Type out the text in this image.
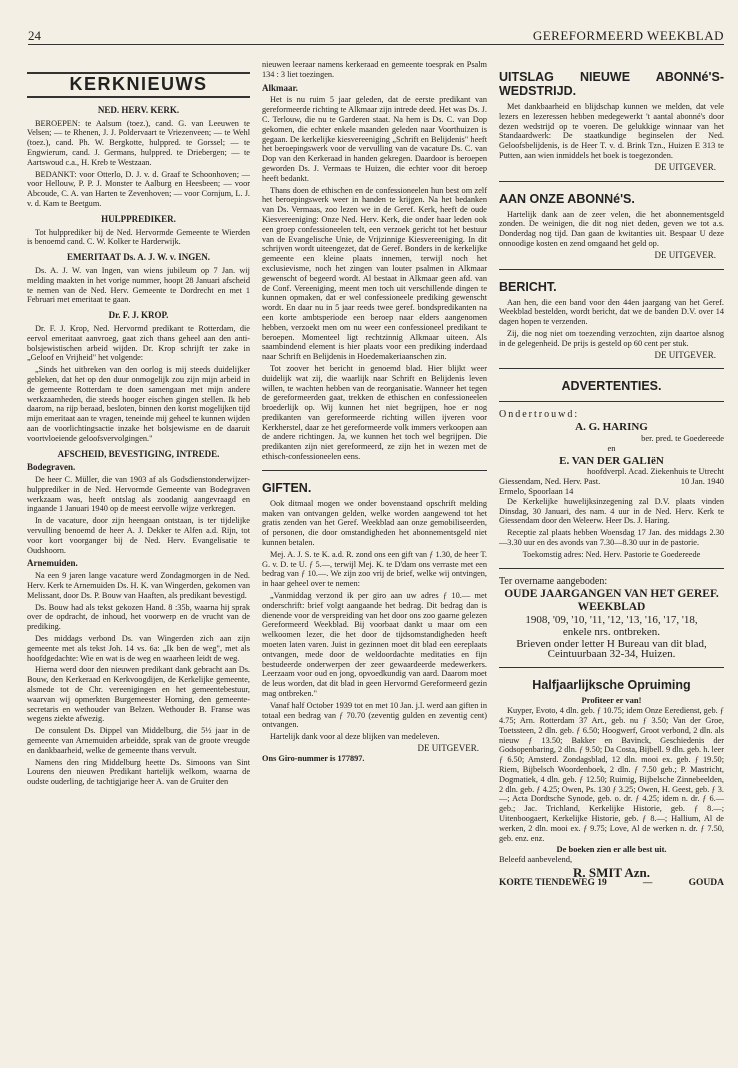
24	GEREFORMEERD WEEKBLAD
KERKNIEUWS
NED. HERV. KERK.

BEROEPEN: te Aalsum (toez.), cand. G. van Leeuwen te Velsen; — te Rhenen, J. J. Poldervaart te Vriezenveen; — te Wehl (toez.), cand. Ph. W. Bergkotte, hulppred. te Gorssel; — te Engwierum, cand. J. Germans, hulppred. te Driebergen; — te Aartswoud c.a., H. Kreb te Westzaan.

BEDANKT: voor Otterlo, D. J. v. d. Graaf te Schoonhoven; — voor Hellouw, P. P. J. Monster te Aalburg en Heesbeen; — voor Abcoude, C. A. van Harten te Zevenhoven; — voor Cornjum, L. J. v. d. Kam te Beetgum.

HULPPREDIKER.

Tot hulpprediker bij de Ned. Hervormde Gemeente te Wierden is benoemd cand. C. W. Kolker te Harderwijk.

EMERITAAT Ds. A. J. W. v. INGEN.

Ds. A. J. W. van Ingen, van wiens jubileum op 7 Jan. wij melding maakten in het vorige nummer, hoopt 28 Januari afscheid te nemen van de Ned. Herv. Gemeente te Dordrecht en met 1 Februari met emeritaat te gaan.

Dr. F. J. KROP.

Dr. F. J. Krop, Ned. Hervormd predikant te Rotterdam, die eervol emeritaat aanvroeg, gaat zich thans geheel aan den anti-bolsjewistischen arbeid wijden. Dr. Krop schrijft ter zake in „Geloof en Vrijheid" het volgende:

„Sinds het uitbreken van den oorlog is mij steeds duidelijker gebleken, dat het op den duur onmogelijk zou zijn mijn arbeid in de gemeente Rotterdam te doen samengaan met mijn andere werkzaamheden, die steeds hooger eischen gingen stellen. Ik heb daarom, na rijp beraad, besloten, binnen den kortst mogelijken tijd mijn emeritaat aan te vragen, teneinde mij geheel te kunnen wijden aan de voorlichtingsactie inzake het bolsjewisme en de daaruit voortvloeiende geloofsvervolgingen."

AFSCHEID, BEVESTIGING, INTREDE.
Bodegraven.

De heer C. Müller, die van 1903 af als Godsdienstonderwijzer-hulpprediker in de Ned. Hervormde Gemeente van Bodegraven werkzaam was, heeft ontslag als zoodanig aangevraagd en ingaande 1 Januari 1940 op de meest eervolle wijze verkregen.

In de vacature, door zijn heengaan ontstaan, is ter tijdelijke vervulling benoemd de heer A. J. Dekker te Alfen a.d. Rijn, tot voor kort voorganger bij de Ned. Herv. Evangelisatie te Oudshoorn.

Arnemuiden.

Na een 9 jaren lange vacature werd Zondagmorgen in de Ned. Herv. Kerk te Arnemuiden Ds. H. K. van Wingerden, gekomen van Melissant, door Ds. P. Bouw van Haaften, als predikant bevestigd.

Ds. Bouw had als tekst gekozen Hand. 8 :35b, waarna hij sprak over de opdracht, de inhoud, het voorwerp en de vrucht van de prediking.

Des middags verbond Ds. van Wingerden zich aan zijn gemeente met als tekst Joh. 14 vs. 6a: „Ik ben de weg", met als hoofdgedachte: Wie en wat is de weg en waarheen leidt de weg.

Hierna werd door den nieuwen predikant dank gebracht aan Ds. Bouw, den Kerkeraad en Kerkvoogdijen, de Kerkelijke gemeente, alsmede tot de Chr. vereenigingen en het gemeentebestuur, waarvan wij opmerkten Burgemeester Horning, den gemeente-secretaris en wethouder van Belzen. Wethouder B. Franse was wegens ziekte afwezig.

De consulent Ds. Dippel van Middelburg, die 5½ jaar in de gemeente van Arnemuiden arbeidde, sprak van de groote vreugde en dankbaarheid, welke de gemeente thans vervult.

Namens den ring Middelburg heette Ds. Simoons van Sint Lourens den nieuwen Predikant hartelijk welkom, waarna de oudste ouderling, de tachtigjarige heer A. van de Gruiter den

nieuwen leeraar namens kerkeraad en gemeente toesprak en Psalm 134 : 3 liet toezingen.

Alkmaar.

Het is nu ruim 5 jaar geleden, dat de eerste predikant van gereformeerde richting te Alkmaar zijn intrede deed. Het was Ds. J. C. Terlouw, die nu te Garderen staat. Na hem is Ds. C. van Dop gekomen, die echter enkele maanden geleden naar Voorthuizen is gegaan. De kerkelijke kiesvereeniging „Schrift en Belijdenis" heeft het beroepingswerk voor de vervulling van de vacature Ds. C. van Dop van den Kerkeraad in handen gekregen. Daardoor is beroepen geworden Ds. J. Vermaas te Huizen, die echter voor dit beroep heeft bedankt.

Thans doen de ethischen en de confessioneelen hun best om zelf het beroepingswerk weer in handen te krijgen. Na het bedanken van Ds. Vermaas, zoo lezen we in de Geref. Kerk, heeft de oude Kiesvereeniging: Onze Ned. Herv. Kerk, die onder haar leden ook een groep confessioneelen telt, een verzoek gericht tot het bestuur van de Evangelische Unie, de Vrijzinnige Kiesvereeniging. In dit schrijven wordt uiteengezet, dat de Geref. Bonders in de kerkelijke gemeente een kleine plaats innemen, terwijl noch het exclusievisme, noch het zingen van louter psalmen in Alkmaar gewenscht of begeerd wordt. Al bestaat in Alkmaar geen afd. van de Conf. Vereeniging, meent men toch uit verschillende dingen te kunnen opmaken, dat er wel confessioneele prediking gewenscht wordt. En daar nu in 5 jaar reeds twee geref. bondspredikanten na een korte ambtsperiode een beroep naar elders aangenomen hebben, verzoekt men om nu weer een confessioneel predikant te beroepen. Momenteel ligt rechtzinnig Alkmaar uiteen. Als saambindend element is hier plaats voor een prediking inderdaad naar Schrift en Belijdenis in Hoedemakeriaanschen zin.

Tot zoover het bericht in genoemd blad. Hier blijkt weer duidelijk wat zij, die waarlijk naar Schrift en Belijdenis leven willen, te wachten hebben van de reorganisatie. Wanneer het tegen de gereformeerden gaat, trekken de ethischen en confessioneelen broederlijk op. Wij kunnen het niet begrijpen, hoe er nog predikanten van gereformeerde richting willen ijveren voor Kerkherstel, daar ze het gereformeerde volk immers verkoopen aan de andere richtingen. Ja, we kunnen het toch wel begrijpen. Die predikanten zijn niet gereformeerd, ze zijn het in wezen met de ethisch-confessioneelen eens.

GIFTEN.

Ook ditmaal mogen we onder bovenstaand opschrift melding maken van ontvangen gelden, welke worden aangewend tot het gratis zenden van het Geref. Weekblad aan onze gemobiliseerden, of personen, die door omstandigheden het abonnementsgeld niet kunnen betalen.

Mej. A. J. S. te K. a.d. R. zond ons een gift van ƒ 1.30, de heer T. G. v. D. te U. ƒ 5.—, terwijl Mej. K. te D'dam ons verraste met een bedrag van ƒ 10.—. We zijn zoo vrij de brief, welke wij ontvingen, in haar geheel over te nemen:

„Vanmiddag verzond ik per giro aan uw adres ƒ 10.— met onderschrift: brief volgt aangaande het bedrag. Dit bedrag dan is dienende voor de verspreiding van het door ons zoo gaarne gelezen Gereformeerd Weekblad. Bij voorbaat dankt u maar om een welkoomen lezer, die het door de tijdsomstandigheden heeft moeten laten varen. Juist in gezinnen moet dit blad een eereplaats ontvangen, mede door de weldoordachte meditaties en fijn bestudeerde onderwerpen der zeer gewaardeerde medewerkers. Leerzaam voor oud en jong, opvoedkundig van aard. Daarom moet de leus worden, dat dit blad in geen Hervormd Gereformeerd gezin mag ontbreken."

Vanaf half October 1939 tot en met 10 Jan. j.l. werd aan giften in totaal een bedrag van ƒ 70.70 (zeventig gulden en zeventig cent) ontvangen.

Hartelijk dank voor al deze blijken van medeleven.

DE UITGEVER.

Ons Giro-nummer is 177897.

UITSLAG NIEUWE ABONNé'S-WEDSTRIJD.

Met dankbaarheid en blijdschap kunnen we melden, dat vele lezers en lezeressen hebben medegewerkt 't aantal abonné's door dezen wedstrijd op te voeren. De gelukkige winnaar van het Standaardwerk: De staatkundige beginselen der Ned. Geloofsbelijdenis, is de Heer T. v. d. Brink Tzn., Huizen E 313 te Putten, aan wien inmiddels het boek is toegezonden.

DE UITGEVER.
AAN ONZE ABONNé'S.

Hartelijk dank aan de zeer velen, die het abonnementsgeld zonden. De weinigen, die dit nog niet deden, geven we tot a.s. Donderdag nog tijd. Dan gaan de kwitanties uit. Bespaar U deze onnoodige kosten en zend omgaand het geld op.

DE UITGEVER.
BERICHT.

Aan hen, die een band voor den 44en jaargang van het Geref. Weekblad bestelden, wordt bericht, dat we de banden D.V. over 14 dagen hopen te verzenden.

Zij, die nog niet om toezending verzochten, zijn daartoe alsnog in de gelegenheid. De prijs is gesteld op 60 cent per stuk.

DE UITGEVER.
ADVERTENTIES.
Ondertrouwd:
A. G. HARING
ber. pred. te Goedereede
en
E. VAN DER GALIëN
hoofdverpl. Acad. Ziekenhuis te Utrecht
Giessendam, Ned. Herv. Past.	10 Jan. 1940
Ermelo, Spoorlaan 14

De Kerkelijke huwelijksinzegening zal D.V. plaats vinden Dinsdag, 30 Januari, des nam. 4 uur in de Ned. Herv. Kerk te Giessendam door den Weleerw. Heer Ds. J. Haring.

Receptie zal plaats hebben Woensdag 17 Jan. des middags 2.30—3.30 uur en des avonds van 7.30—8.30 uur in de pastorie.

Toekomstig adres: Ned. Herv. Pastorie te Goedereede

Ter overname aangeboden:
OUDE JAARGANGEN VAN HET GEREF. WEEKBLAD
1908, '09, '10, '11, '12, '13, '16, '17, '18,
enkele nrs. ontbreken.
Brieven onder letter H Bureau van dit blad, Ceintuurbaan 32-34, Huizen.
Halfjaarlijksche Opruiming
Profiteer er van!

Kuyper, Evoto, 4 dln. geb. ƒ 10.75; idem Onze Eeredienst, geb. ƒ 4.75; Arn. Rotterdam 37 Art., geb. nu ƒ 3.50; Van der Groe, Toetssteen, 2 dln. geb. ƒ 6.50; Hoogwerf, Groot verbond, 2 dln. als nieuw ƒ 13.50; Bakker en Bavinck, Geschiedenis der Godsopenbaring, 2 dln. ƒ 9.50; Da Costa, Bijbell. 9 dln. geb. h. leer ƒ 6.50; Amsterd. Zondagsblad, 12 dln. mooi ex. geb. ƒ 19.50; Riem, Bijbelsch Woordenboek, 2 dln. ƒ 7.50 geb.; P. Mastricht, Dogmatiek, 4 dln. geb. ƒ 12.50; Ruimig, Bijbelsche Zinnebeelden, 2 dln. geb. ƒ 4.25; Owen, Ps. 130 ƒ 3.25; Owen, H. Geest, geb. ƒ 3.—; Acta Dordtsche Synode, geb. o. dr. ƒ 4.25; idem n. dr. ƒ 6.— geb.; Jac. Trichland, Kerkelijke Historie, geb. ƒ 8.—; Uitenboogaert, Kerkelijke Historie, geb. ƒ 8.—; Hallium, Al de werken, 2 dln. mooi ex. ƒ 9.75; Love, Al de werken n. dr. ƒ 7.50, geb. enz. enz.

De boeken zien er alle best uit.
Beleefd aanbevelend,
R. SMIT Azn.
KORTE TIENDEWEG 19	—	GOUDA
